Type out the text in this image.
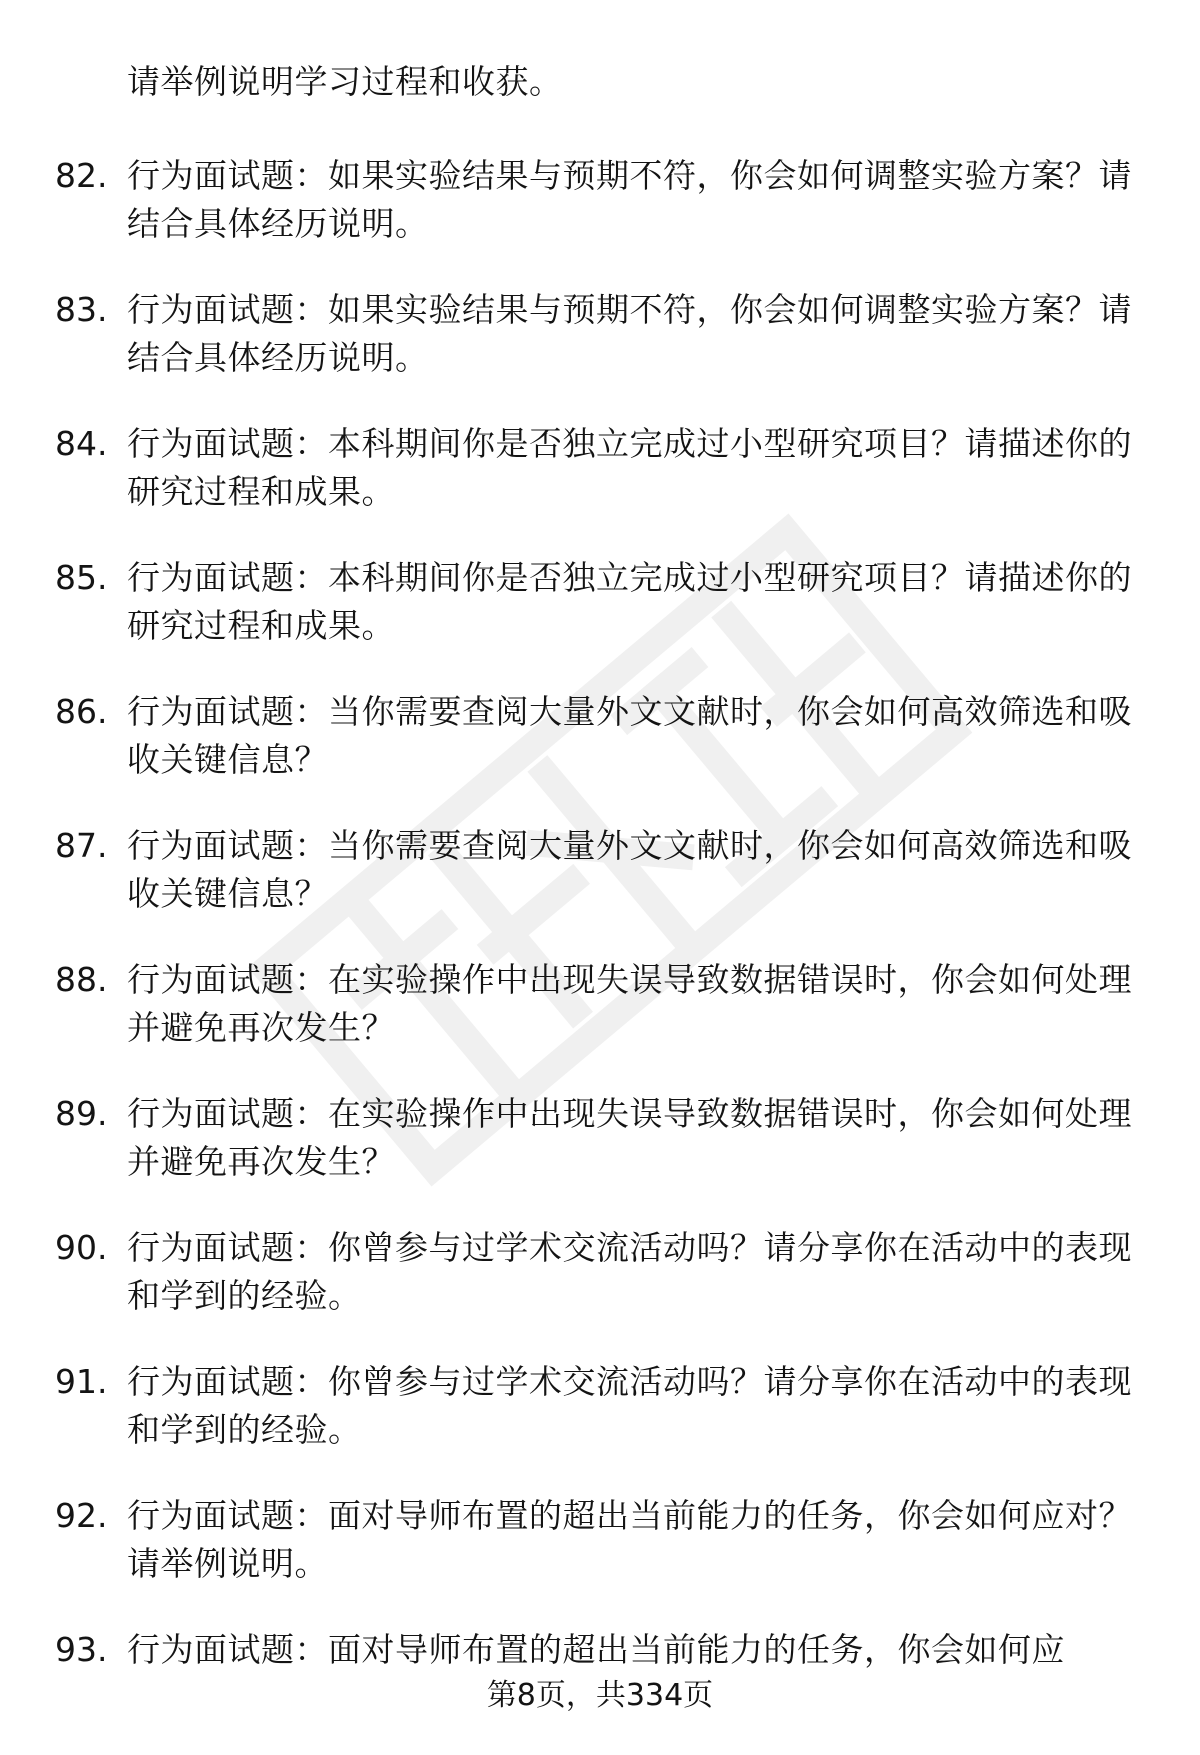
请举例说明学习过程和收获。
82. 行为面试题：如果实验结果与预期不符，你会如何调整实验方案？请结合具体经历说明。
83. 行为面试题：如果实验结果与预期不符，你会如何调整实验方案？请结合具体经历说明。
84. 行为面试题：本科期间你是否独立完成过小型研究项目？请描述你的研究过程和成果。
85. 行为面试题：本科期间你是否独立完成过小型研究项目？请描述你的研究过程和成果。
86. 行为面试题：当你需要查阅大量外文文献时，你会如何高效筛选和吸收关键信息？
87. 行为面试题：当你需要查阅大量外文文献时，你会如何高效筛选和吸收关键信息？
88. 行为面试题：在实验操作中出现失误导致数据错误时，你会如何处理并避免再次发生？
89. 行为面试题：在实验操作中出现失误导致数据错误时，你会如何处理并避免再次发生？
90. 行为面试题：你曾参与过学术交流活动吗？请分享你在活动中的表现和学到的经验。
91. 行为面试题：你曾参与过学术交流活动吗？请分享你在活动中的表现和学到的经验。
92. 行为面试题：面对导师布置的超出当前能力的任务，你会如何应对？请举例说明。
93. 行为面试题：面对导师布置的超出当前能力的任务，你会如何应
第8页，共334页
